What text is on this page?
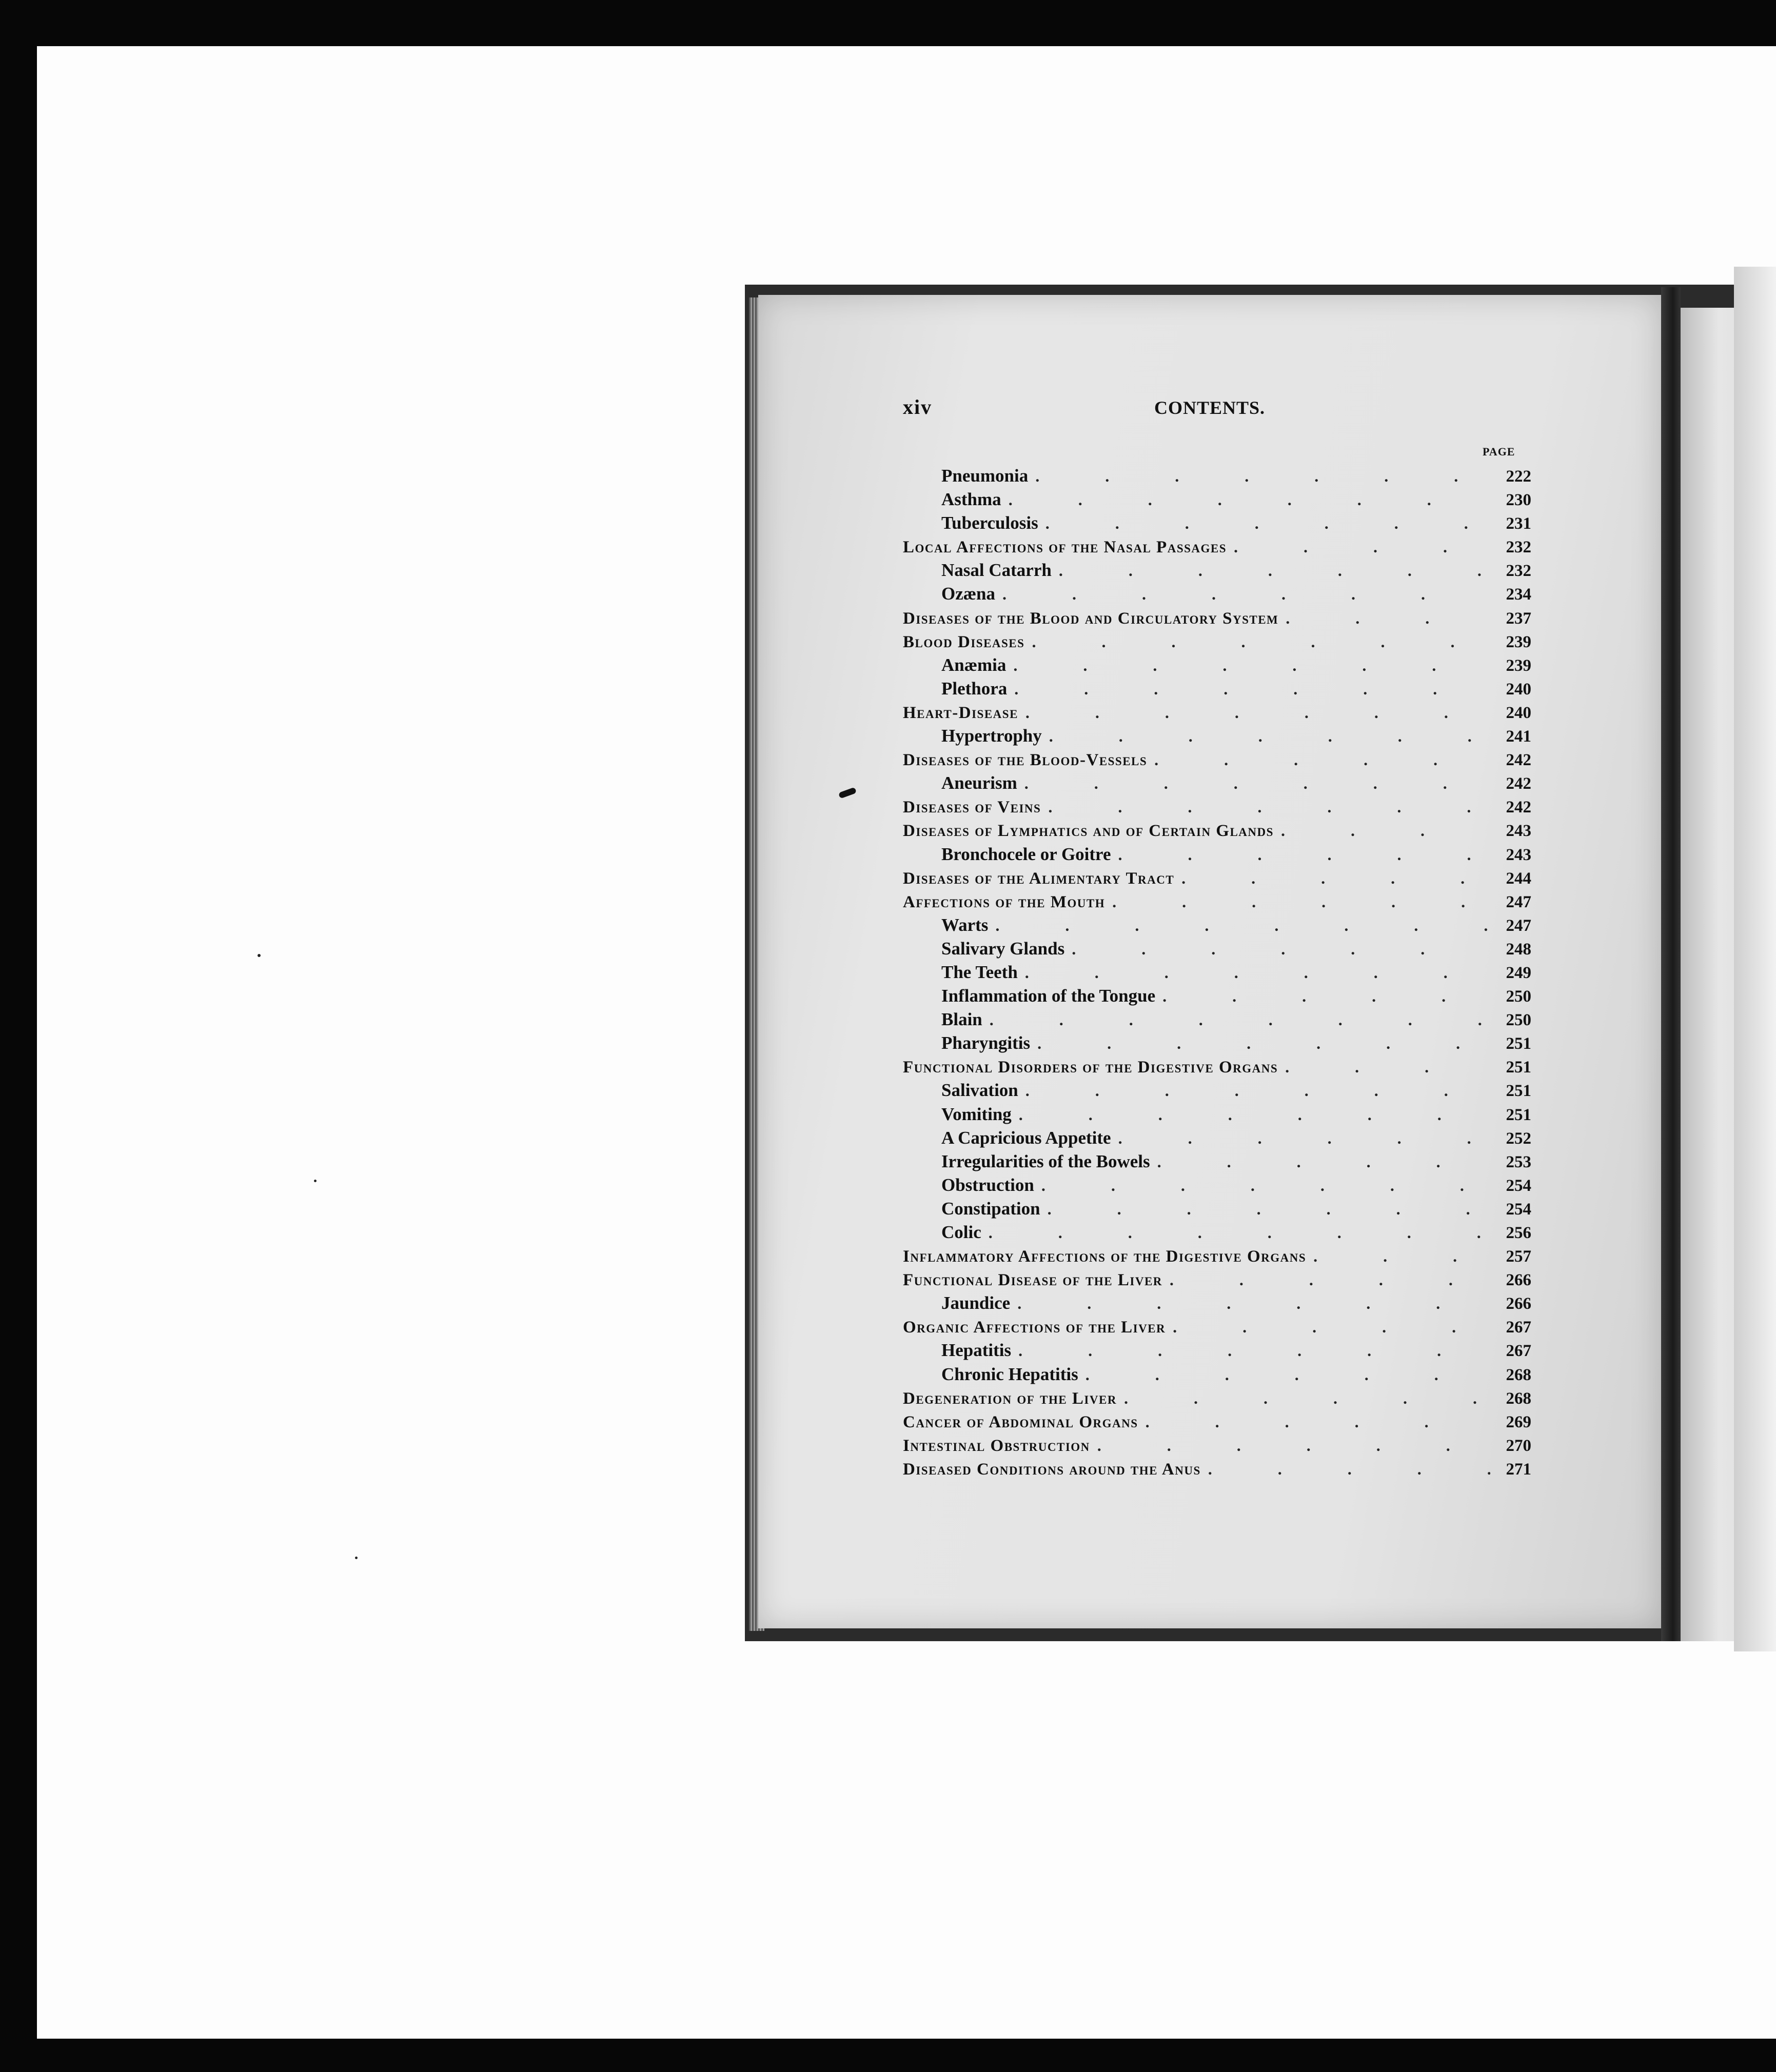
xiv	CONTENTS.
PAGE
Pneumonia .	222
Asthma .	230
Tuberculosis .	231
Local Affections of the Nasal Passages .	232
Nasal Catarrh .	232
Ozæna .	234
Diseases of the Blood and Circulatory System .	237
Blood Diseases .	239
Anæmia .	239
Plethora .	240
Heart-Disease .	240
Hypertrophy .	241
Diseases of the Blood-Vessels .	242
Aneurism .	242
Diseases of Veins .	242
Diseases of Lymphatics and of Certain Glands .	243
Bronchocele or Goitre .	243
Diseases of the Alimentary Tract .	244
Affections of the Mouth .	247
Warts .	247
Salivary Glands .	248
The Teeth .	249
Inflammation of the Tongue .	250
Blain .	250
Pharyngitis .	251
Functional Disorders of the Digestive Organs .	251
Salivation .	251
Vomiting .	251
A Capricious Appetite .	252
Irregularities of the Bowels .	253
Obstruction .	254
Constipation .	254
Colic .	256
Inflammatory Affections of the Digestive Organs .	257
Functional Disease of the Liver .	266
Jaundice .	266
Organic Affections of the Liver .	267
Hepatitis .	267
Chronic Hepatitis .	268
Degeneration of the Liver .	268
Cancer of Abdominal Organs .	269
Intestinal Obstruction .	270
Diseased Conditions around the Anus .	271
